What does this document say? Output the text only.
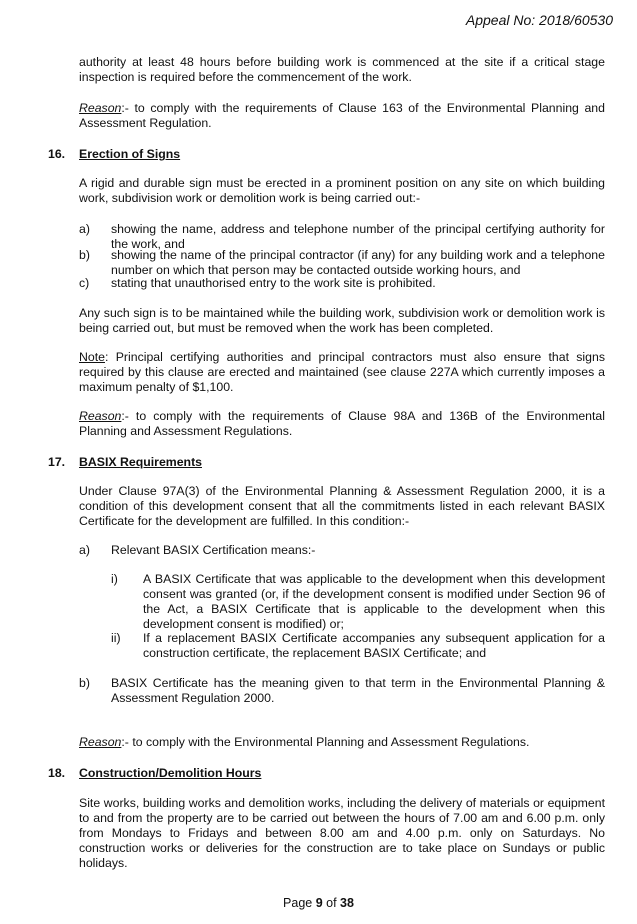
Appeal No: 2018/60530

authority at least 48 hours before building work is commenced at the site if a critical stage inspection is required before the commencement of the work.

Reason:- to comply with the requirements of Clause 163 of the Environmental Planning and Assessment Regulation.

16. Erection of Signs

A rigid and durable sign must be erected in a prominent position on any site on which building work, subdivision work or demolition work is being carried out:-

a) showing the name, address and telephone number of the principal certifying authority for the work, and

b) showing the name of the principal contractor (if any) for any building work and a telephone number on which that person may be contacted outside working hours, and

c) stating that unauthorised entry to the work site is prohibited.

Any such sign is to be maintained while the building work, subdivision work or demolition work is being carried out, but must be removed when the work has been completed.

Note: Principal certifying authorities and principal contractors must also ensure that signs required by this clause are erected and maintained (see clause 227A which currently imposes a maximum penalty of $1,100.

Reason:- to comply with the requirements of Clause 98A and 136B of the Environmental Planning and Assessment Regulations.

17. BASIX Requirements

Under Clause 97A(3) of the Environmental Planning & Assessment Regulation 2000, it is a condition of this development consent that all the commitments listed in each relevant BASIX Certificate for the development are fulfilled. In this condition:-

a) Relevant BASIX Certification means:-

i) A BASIX Certificate that was applicable to the development when this development consent was granted (or, if the development consent is modified under Section 96 of the Act, a BASIX Certificate that is applicable to the development when this development consent is modified) or;

ii) If a replacement BASIX Certificate accompanies any subsequent application for a construction certificate, the replacement BASIX Certificate; and

b) BASIX Certificate has the meaning given to that term in the Environmental Planning & Assessment Regulation 2000.

Reason:- to comply with the Environmental Planning and Assessment Regulations.

18. Construction/Demolition Hours

Site works, building works and demolition works, including the delivery of materials or equipment to and from the property are to be carried out between the hours of 7.00 am and 6.00 p.m. only from Mondays to Fridays and between 8.00 am and 4.00 p.m. only on Saturdays. No construction works or deliveries for the construction are to take place on Sundays or public holidays.

Page 9 of 38
